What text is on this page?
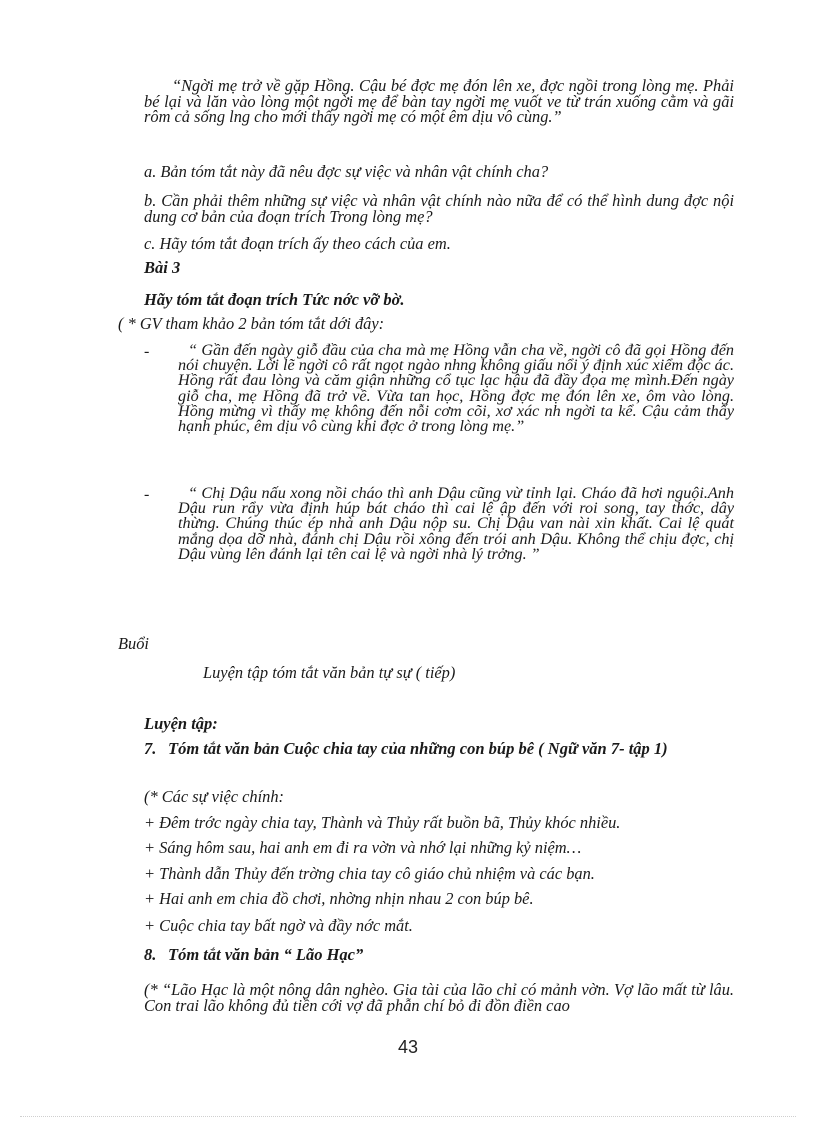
“Ngời mẹ trở về gặp Hồng. Cậu bé đợc mẹ đón lên xe, đợc ngồi trong lòng mẹ. Phải bé lại và lăn vào lòng một ngời mẹ để bàn tay ngời mẹ vuốt ve từ trán xuống cằm và gãi rôm cả sống lng cho mới thấy ngời mẹ có một êm dịu vô cùng.”

a. Bản tóm tắt này đã nêu đợc sự việc và nhân vật chính cha?

b. Cần phải thêm những sự việc và nhân vật chính nào nữa để có thể hình dung đợc nội dung cơ bản của đoạn trích Trong lòng mẹ?

c. Hãy tóm tắt đoạn trích ấy theo cách của em.

Bài 3
Hãy tóm tắt đoạn trích Tức nớc vỡ bờ.
( * GV tham khảo 2 bản tóm tắt dới đây:
-	“ Gần đến ngày giỗ đầu của cha mà mẹ Hồng vẫn cha về, ngời cô đã gọi Hồng đến nói chuyện. Lời lẽ ngời cô rất ngọt ngào nhng không giấu nổi ý định xúc xiểm độc ác. Hồng rất đau lòng và căm giận những cổ tục lạc hậu đã đầy đọa mẹ mình.Đến ngày giỗ cha, mẹ Hồng đã trở về. Vừa tan học, Hồng đợc mẹ đón lên xe, ôm vào lòng. Hồng mừng vì thấy mẹ không đến nỗi cơm cõi, xơ xác nh ngời ta kể. Cậu cảm thấy hạnh phúc, êm dịu vô cùng khi đợc ở trong lòng mẹ.”
-	“ Chị Dậu nấu xong nồi cháo thì anh Dậu cũng vừ tỉnh lại. Cháo đã hơi nguội.Anh Dậu run rẩy vừa định húp bát cháo thì cai lệ ập đến với roi song, tay thớc, dây thừng. Chúng thúc ép nhà anh Dậu nộp su. Chị Dậu van nài xin khất. Cai lệ quát mắng dọa dỡ nhà, đánh chị Dậu rồi xông đến trói anh Dậu. Không thể chịu đợc, chị Dậu vùng lên đánh lại tên cai lệ và ngời nhà lý trởng. ”
Buổi
Luyện tập tóm tắt văn bản tự sự ( tiếp)
Luyện tập:
7. Tóm tắt văn bản Cuộc chia tay của những con búp bê ( Ngữ văn 7- tập 1)
(* Các sự việc chính:
+ Đêm trớc ngày chia tay, Thành và Thủy rất buồn bã, Thủy khóc nhiều.
+ Sáng hôm sau, hai anh em đi ra vờn và nhớ lại những kỷ niệm…
+ Thành dẫn Thủy đến trờng chia tay cô giáo chủ nhiệm và các bạn.
+ Hai anh em chia đồ chơi, nhờng nhịn nhau 2 con búp bê.
+ Cuộc chia tay bất ngờ và đầy nớc mắt.
8. Tóm tắt văn bản “ Lão Hạc”

(* “Lão Hạc là một nông dân nghèo. Gia tài của lão chỉ có mảnh vờn. Vợ lão mất từ lâu. Con trai lão không đủ tiền cới vợ đã phẫn chí bỏ đi đồn điền cao

43
